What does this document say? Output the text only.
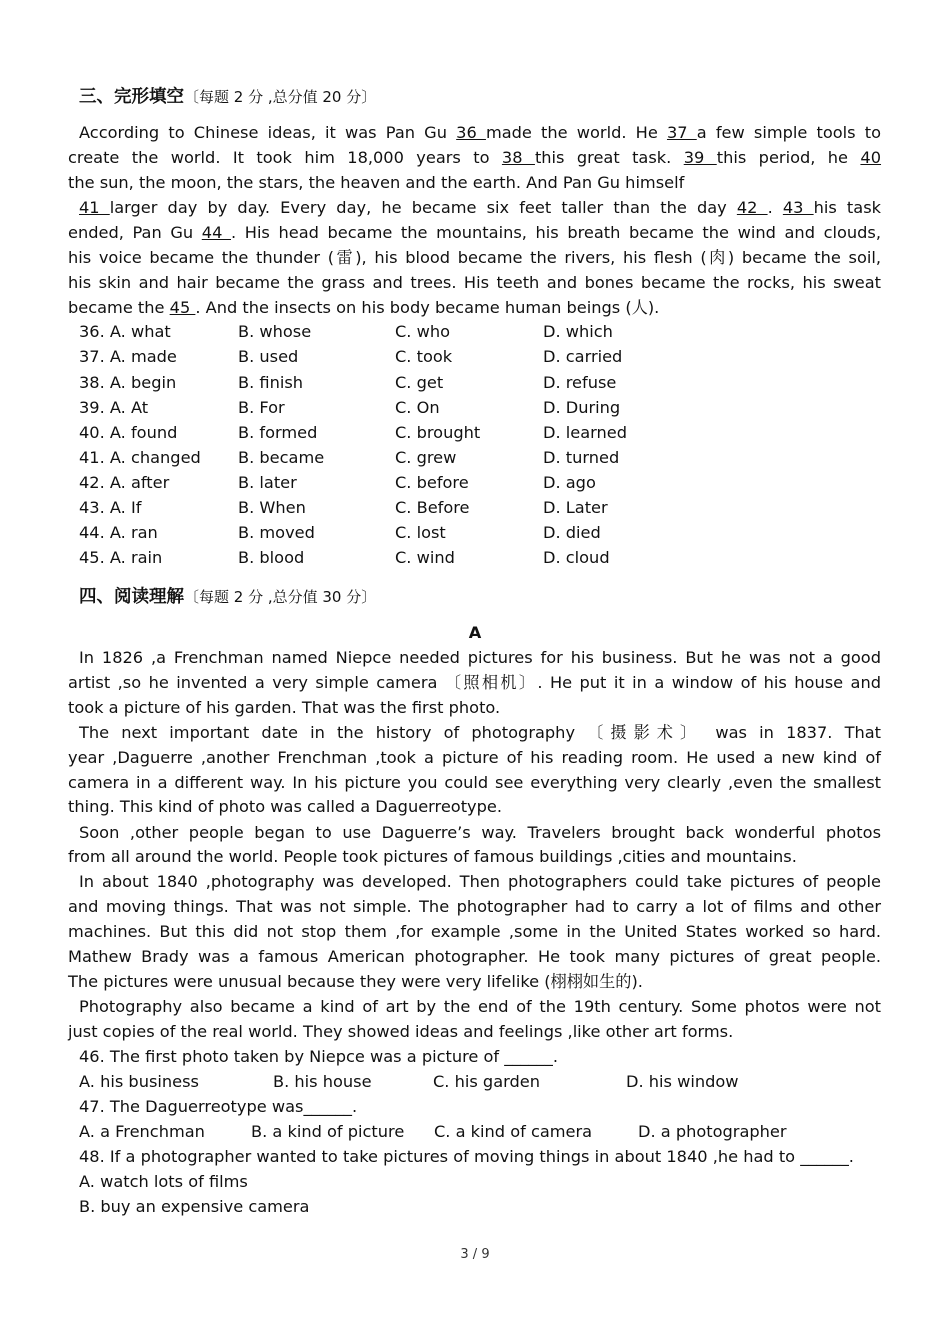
三、完形填空〔每题 2 分 ,总分值 20 分〕
According to Chinese ideas, it was Pan Gu 36 made the world. He 37 a few simple tools to
create the world. It took him 18,000 years to 38 this great task. 39 this period, he 40
the sun, the moon, the stars, the heaven and the earth. And Pan Gu himself
41 larger day by day. Every day, he became six feet taller than the day 42 . 43 his task
ended, Pan Gu 44 . His head became the mountains, his breath became the wind and clouds,
his voice became the thunder (雷), his blood became the rivers, his flesh (肉) became the soil,
his skin and hair became the grass and trees. His teeth and bones became the rocks, his sweat
became the 45 . And the insects on his body became human beings (人).
36. A. what	B. whose	C. who	D. which
37. A. made	B. used	C. took	D. carried
38. A. begin	B. finish	C. get	D. refuse
39. A. At	B. For	C. On	D. During
40. A. found	B. formed	C. brought	D. learned
41. A. changed B. became	C. grew	D. turned
42. A. after	B. later	C. before	D. ago
43. A. If	B. When	C. Before	D. Later
44. A. ran	B. moved	C. lost	D. died
45. A. rain	B. blood	C. wind	D. cloud
四、阅读理解〔每题 2 分 ,总分值 30 分〕
A
In 1826 ,a Frenchman named Niepce needed pictures for his business. But he was not a good
artist ,so he invented a very simple camera 〔照相机〕. He put it in a window of his house and
took a picture of his garden. That was the first photo.
The next important date in the history of photography 〔摄影术〕 was in 1837. That
year ,Daguerre ,another Frenchman ,took a picture of his reading room. He used a new kind of
camera in a different way. In his picture you could see everything very clearly ,even the smallest
thing. This kind of photo was called a Daguerreotype.
Soon ,other people began to use Daguerre’s way. Travelers brought back wonderful photos
from all around the world. People took pictures of famous buildings ,cities and mountains.
In about 1840 ,photography was developed. Then photographers could take pictures of people
and moving things. That was not simple. The photographer had to carry a lot of films and other
machines. But this did not stop them ,for example ,some in the United States worked so hard.
Mathew Brady was a famous American photographer. He took many pictures of great people.
The pictures were unusual because they were very lifelike (栩栩如生的).
Photography also became a kind of art by the end of the 19th century. Some photos were not
just copies of the real world. They showed ideas and feelings ,like other art forms.
46. The first photo taken by Niepce was a picture of ______.
A. his business	B. his house	C. his garden	D. his window
47. The Daguerreotype was______.
A. a Frenchman	B. a kind of picture C. a kind of camera	D. a photographer
48. If a photographer wanted to take pictures of moving things in about 1840 ,he had to ______.
A. watch lots of films
B. buy an expensive camera
3 / 9
